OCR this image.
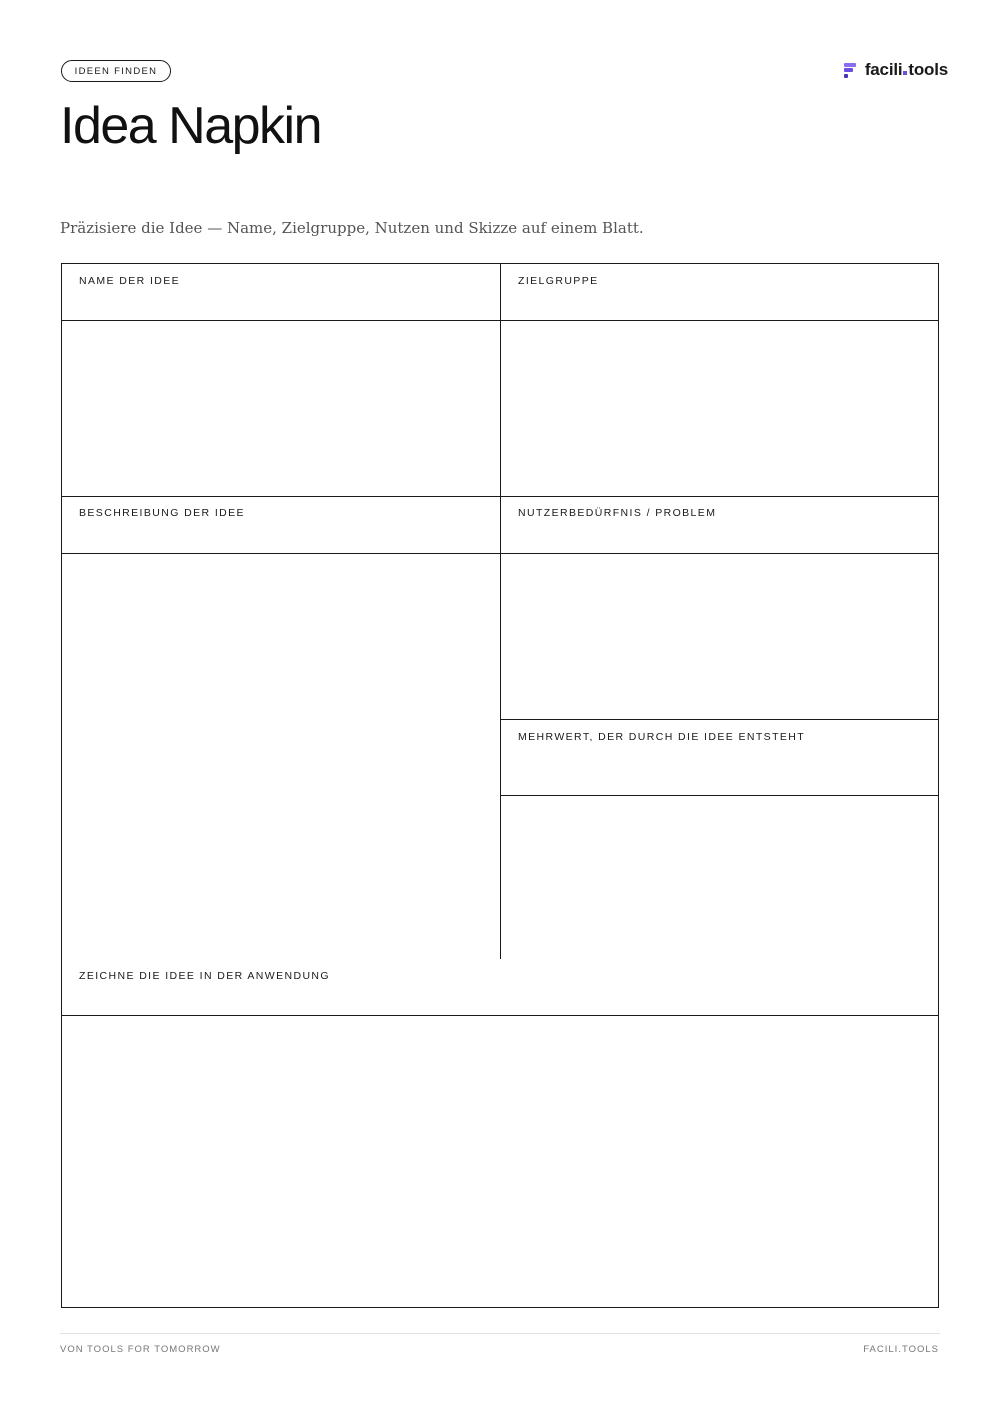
IDEEN FINDEN	facili tools
Idea Napkin
Präzisiere die Idee — Name, Zielgruppe, Nutzen und Skizze auf einem Blatt.
NAME DER IDEE	ZIELGRUPPE
BESCHREIBUNG DER IDEE	NUTZERBEDÜRFNIS / PROBLEM
MEHRWERT, DER DURCH DIE IDEE ENTSTEHT
ZEICHNE DIE IDEE IN DER ANWENDUNG
VON TOOLS FOR TOMORROW	FACILI.TOOLS
